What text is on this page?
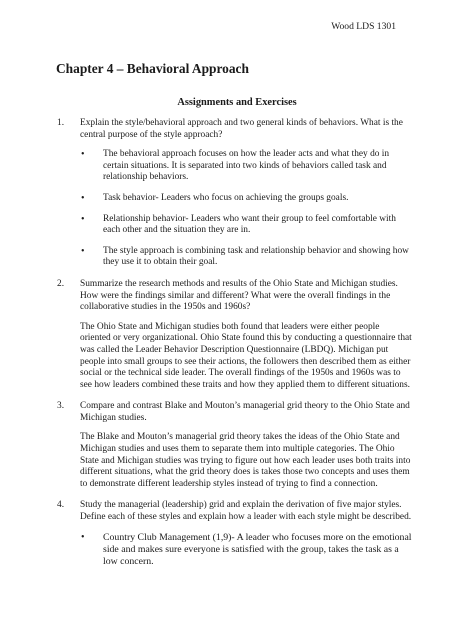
Wood LDS 1301
Chapter 4 – Behavioral Approach
Assignments and Exercises
1. Explain the style/behavioral approach and two general kinds of behaviors. What is the central purpose of the style approach?
• The behavioral approach focuses on how the leader acts and what they do in certain situations. It is separated into two kinds of behaviors called task and relationship behaviors.
• Task behavior- Leaders who focus on achieving the groups goals.
• Relationship behavior- Leaders who want their group to feel comfortable with each other and the situation they are in.
• The style approach is combining task and relationship behavior and showing how they use it to obtain their goal.
2. Summarize the research methods and results of the Ohio State and Michigan studies. How were the findings similar and different? What were the overall findings in the collaborative studies in the 1950s and 1960s?

The Ohio State and Michigan studies both found that leaders were either people oriented or very organizational. Ohio State found this by conducting a questionnaire that was called the Leader Behavior Description Questionnaire (LBDQ). Michigan put people into small groups to see their actions, the followers then described them as either social or the technical side leader. The overall findings of the 1950s and 1960s was to see how leaders combined these traits and how they applied them to different situations.

3. Compare and contrast Blake and Mouton’s managerial grid theory to the Ohio State and Michigan studies.

The Blake and Mouton’s managerial grid theory takes the ideas of the Ohio State and Michigan studies and uses them to separate them into multiple categories. The Ohio State and Michigan studies was trying to figure out how each leader uses both traits into different situations, what the grid theory does is takes those two concepts and uses them to demonstrate different leadership styles instead of trying to find a connection.

4. Study the managerial (leadership) grid and explain the derivation of five major styles. Define each of these styles and explain how a leader with each style might be described.
• Country Club Management (1,9)- A leader who focuses more on the emotional side and makes sure everyone is satisfied with the group, takes the task as a low concern.
